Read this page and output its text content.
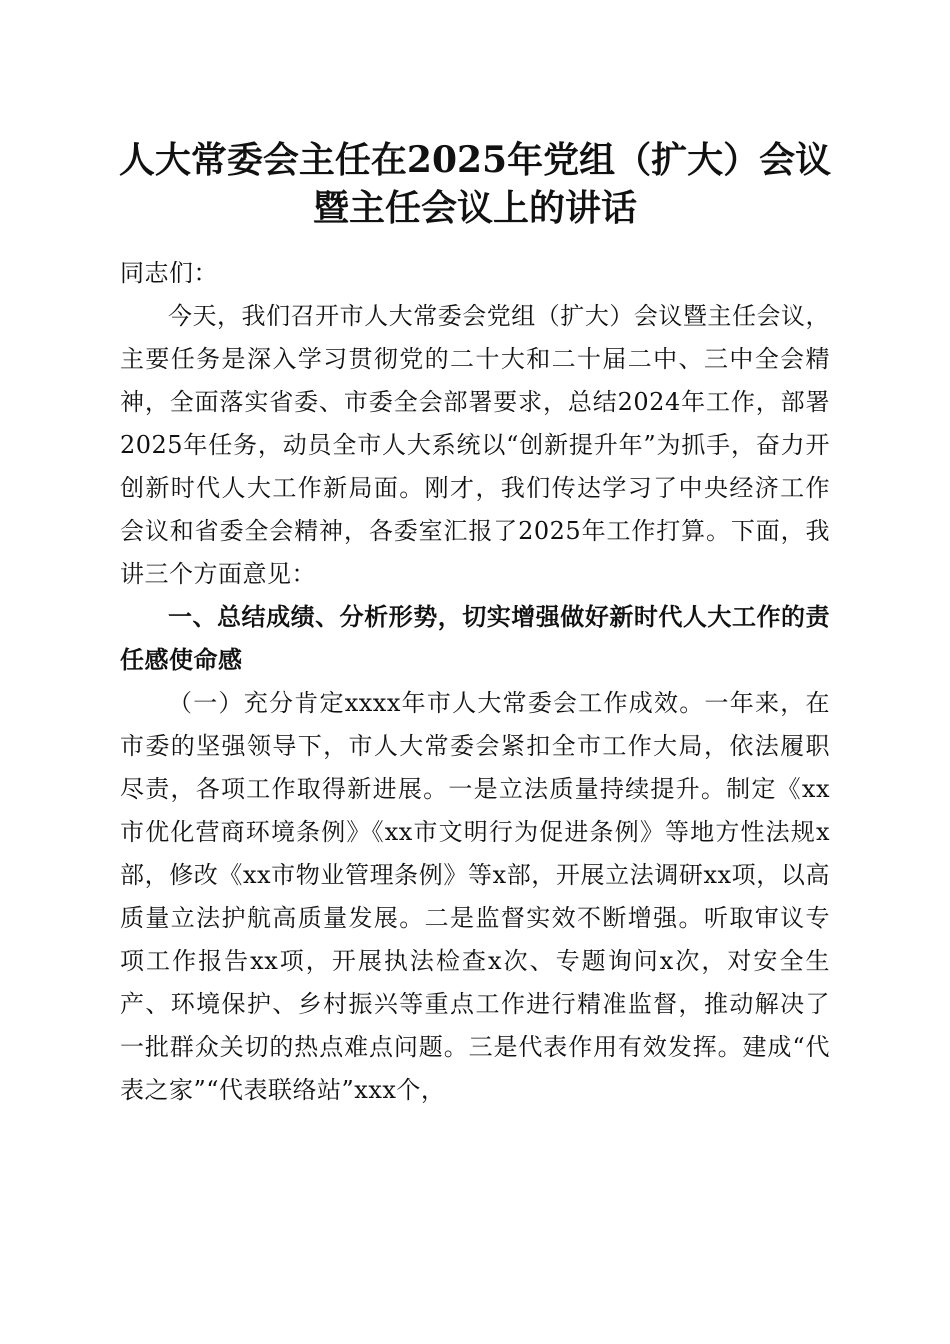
人大常委会主任在2025年党组（扩大）会议
暨主任会议上的讲话

同志们：

今天，我们召开市人大常委会党组（扩大）会议暨主任会议，主要任务是深入学习贯彻党的二十大和二十届二中、三中全会精神，全面落实省委、市委全会部署要求，总结2024年工作，部署2025年任务，动员全市人大系统以“创新提升年”为抓手，奋力开创新时代人大工作新局面。刚才，我们传达学习了中央经济工作会议和省委全会精神，各委室汇报了2025年工作打算。下面，我讲三个方面意见：

一、总结成绩、分析形势，切实增强做好新时代人大工作的责任感使命感

（一）充分肯定xxxx年市人大常委会工作成效。一年来，在市委的坚强领导下，市人大常委会紧扣全市工作大局，依法履职尽责，各项工作取得新进展。一是立法质量持续提升。制定《xx市优化营商环境条例》《xx市文明行为促进条例》等地方性法规x部，修改《xx市物业管理条例》等x部，开展立法调研xx项，以高质量立法护航高质量发展。二是监督实效不断增强。听取审议专项工作报告xx项，开展执法检查x次、专题询问x次，对安全生产、环境保护、乡村振兴等重点工作进行精准监督，推动解决了一批群众关切的热点难点问题。三是代表作用有效发挥。建成“代表之家”“代表联络站”xxx个，
